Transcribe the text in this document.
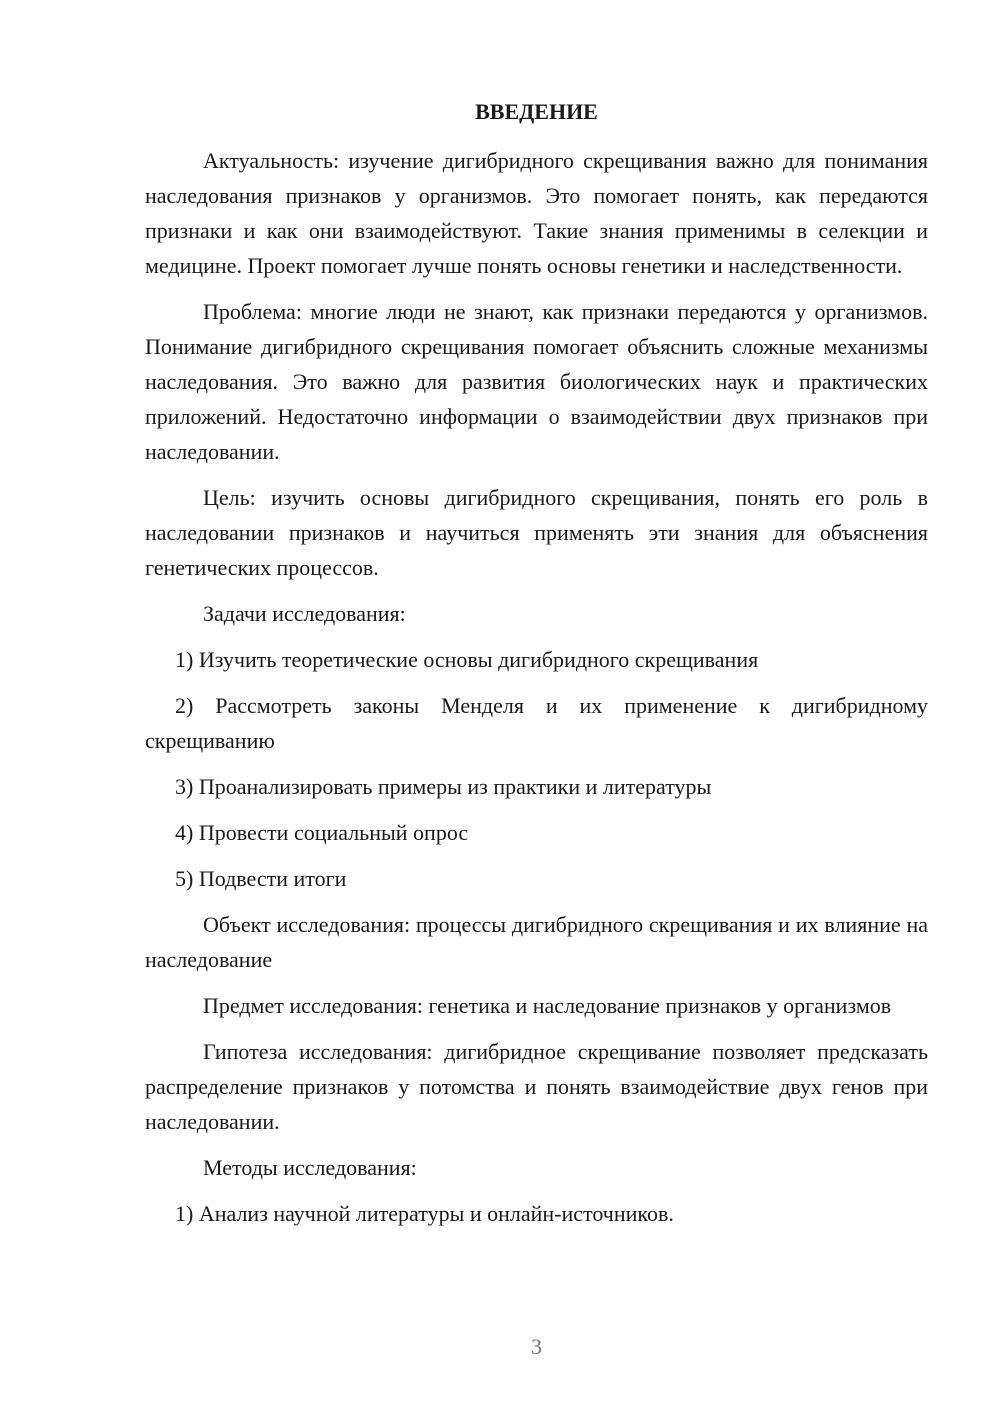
ВВЕДЕНИЕ

Актуальность: изучение дигибридного скрещивания важно для понимания наследования признаков у организмов. Это помогает понять, как передаются признаки и как они взаимодействуют. Такие знания применимы в селекции и медицине. Проект помогает лучше понять основы генетики и наследственности.

Проблема: многие люди не знают, как признаки передаются у организмов. Понимание дигибридного скрещивания помогает объяснить сложные механизмы наследования. Это важно для развития биологических наук и практических приложений. Недостаточно информации о взаимодействии двух признаков при наследовании.

Цель: изучить основы дигибридного скрещивания, понять его роль в наследовании признаков и научиться применять эти знания для объяснения генетических процессов.

Задачи исследования:

1) Изучить теоретические основы дигибридного скрещивания

2) Рассмотреть законы Менделя и их применение к дигибридному скрещиванию

3) Проанализировать примеры из практики и литературы

4) Провести социальный опрос

5) Подвести итоги

Объект исследования: процессы дигибридного скрещивания и их влияние на наследование

Предмет исследования: генетика и наследование признаков у организмов

Гипотеза исследования: дигибридное скрещивание позволяет предсказать распределение признаков у потомства и понять взаимодействие двух генов при наследовании.

Методы исследования:

1) Анализ научной литературы и онлайн-источников.

3
